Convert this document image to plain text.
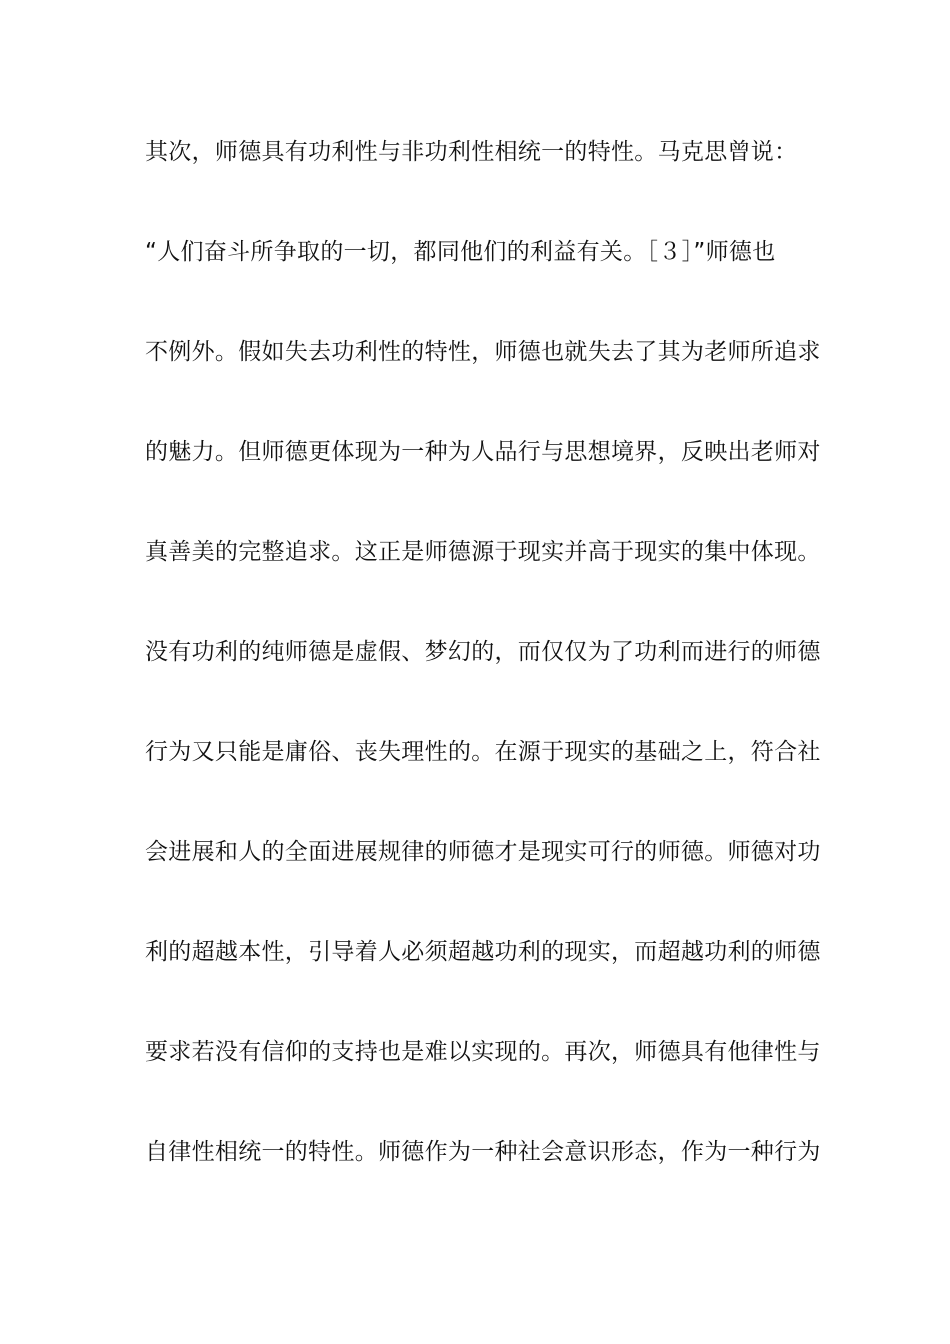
其次，师德具有功利性与非功利性相统一的特性。马克思曾说：
“人们奋斗所争取的一切，都同他们的利益有关。［３］”师德也
不例外。假如失去功利性的特性，师德也就失去了其为老师所追求
的魅力。但师德更体现为一种为人品行与思想境界，反映出老师对
真善美的完整追求。这正是师德源于现实并高于现实的集中体现。
没有功利的纯师德是虚假、梦幻的，而仅仅为了功利而进行的师德
行为又只能是庸俗、丧失理性的。在源于现实的基础之上，符合社
会进展和人的全面进展规律的师德才是现实可行的师德。师德对功
利的超越本性，引导着人必须超越功利的现实，而超越功利的师德
要求若没有信仰的支持也是难以实现的。再次，师德具有他律性与
自律性相统一的特性。师德作为一种社会意识形态，作为一种行为
